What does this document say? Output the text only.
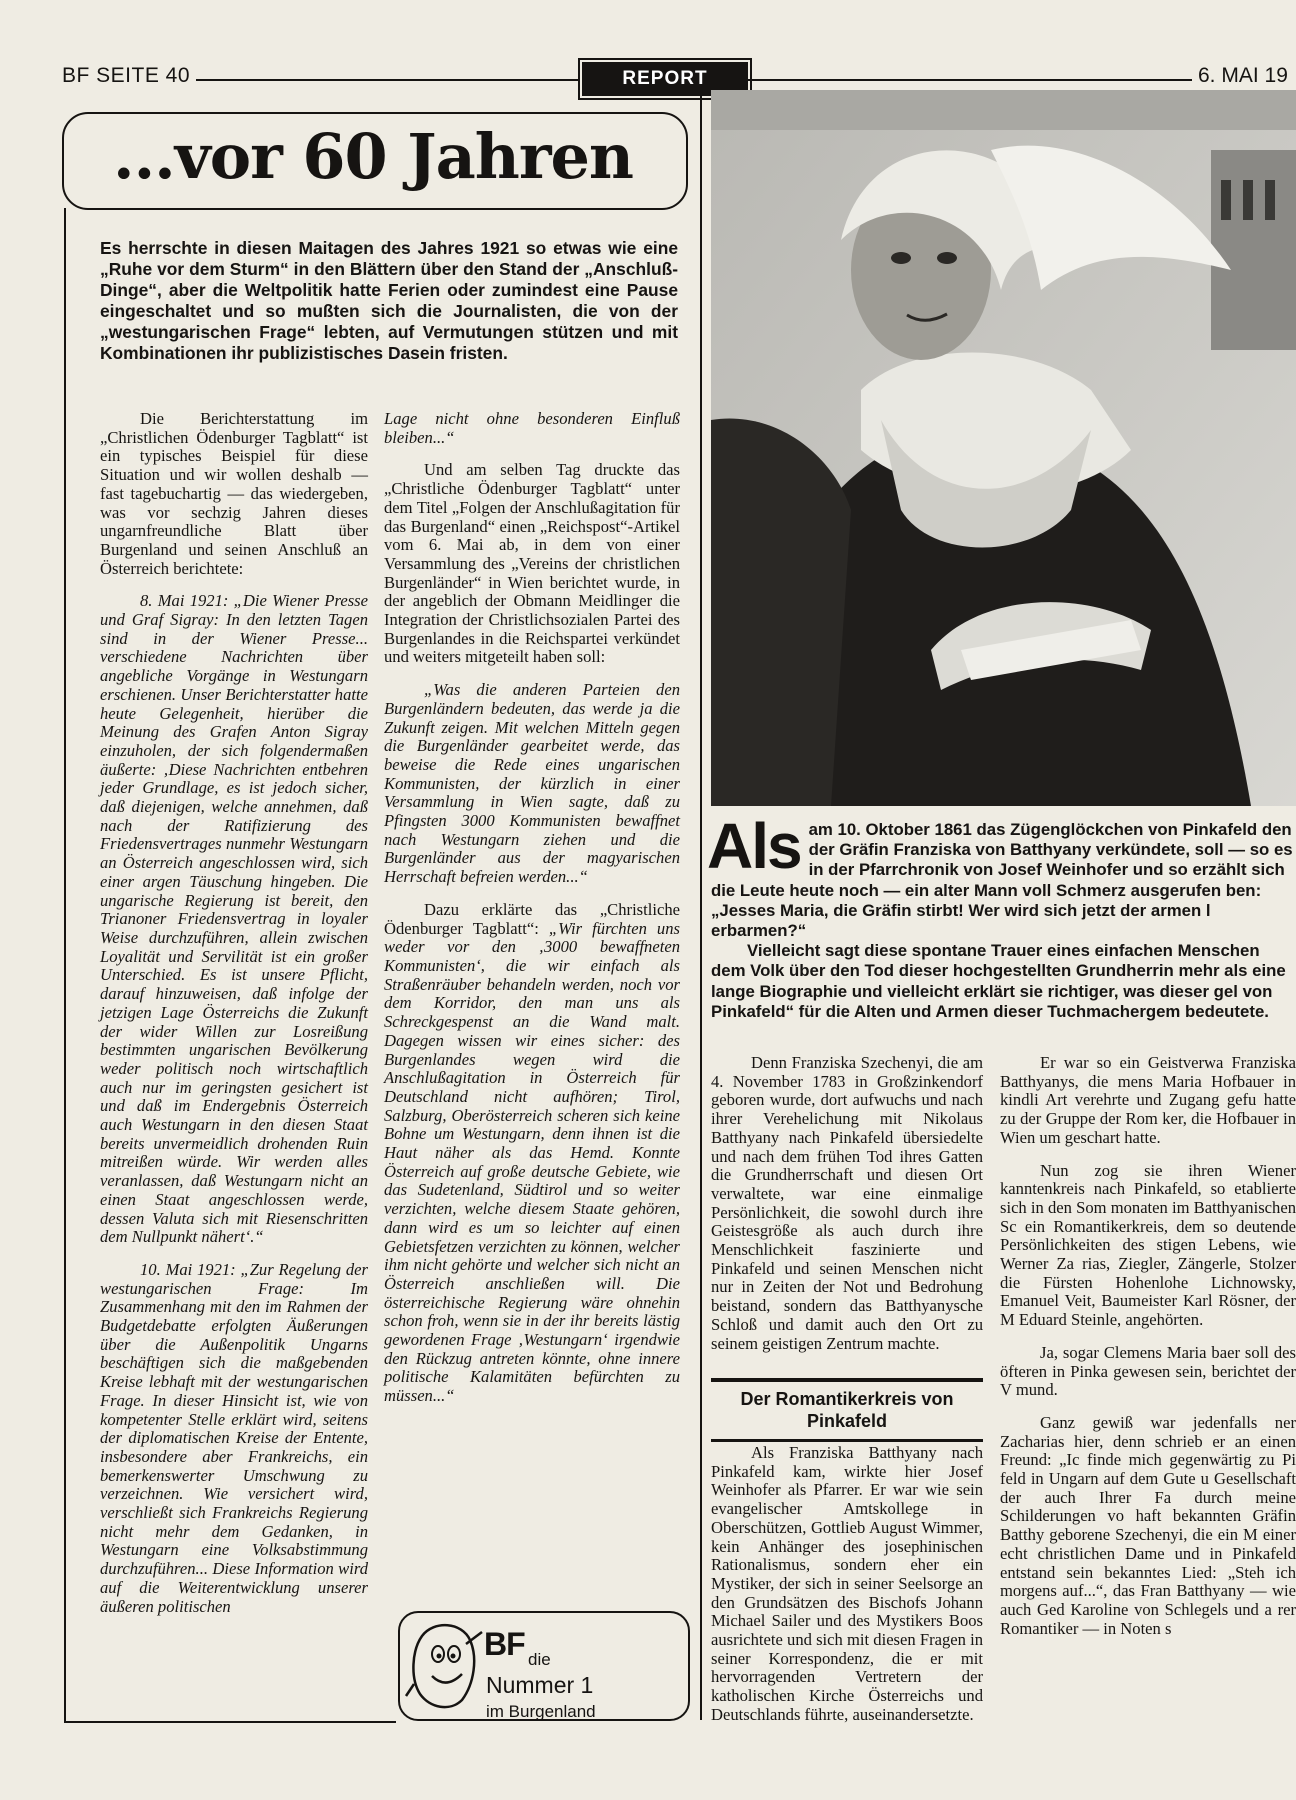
BF SEITE 40	REPORT	6. MAI 19
...vor 60 Jahren
Es herrschte in diesen Maitagen des Jahres 1921 so etwas wie eine „Ruhe vor dem Sturm“ in den Blättern über den Stand der „Anschluß-Dinge“, aber die Weltpolitik hatte Ferien oder zumindest eine Pause eingeschaltet und so mußten sich die Journalisten, die von der „westungarischen Frage“ lebten, auf Vermutungen stützen und mit Kombinationen ihr publizistisches Dasein fristen.

Die Berichterstattung im „Christlichen Ödenburger Tagblatt“ ist ein typisches Beispiel für diese Situation und wir wollen deshalb — fast tagebuchartig — das wiedergeben, was vor sechzig Jahren dieses ungarnfreundliche Blatt über Burgenland und seinen Anschluß an Österreich berichtete:

8. Mai 1921: „Die Wiener Presse und Graf Sigray: In den letzten Tagen sind in der Wiener Presse... verschiedene Nachrichten über angebliche Vorgänge in Westungarn erschienen. Unser Berichterstatter hatte heute Gelegenheit, hierüber die Meinung des Grafen Anton Sigray einzuholen, der sich folgendermaßen äußerte: ‚Diese Nachrichten entbehren jeder Grundlage, es ist jedoch sicher, daß diejenigen, welche annehmen, daß nach der Ratifizierung des Friedensvertrages nunmehr Westungarn an Österreich angeschlossen wird, sich einer argen Täuschung hingeben. Die ungarische Regierung ist bereit, den Trianoner Friedensvertrag in loyaler Weise durchzuführen, allein zwischen Loyalität und Servilität ist ein großer Unterschied. Es ist unsere Pflicht, darauf hinzuweisen, daß infolge der jetzigen Lage Österreichs die Zukunft der wider Willen zur Losreißung bestimmten ungarischen Bevölkerung weder politisch noch wirtschaftlich auch nur im geringsten gesichert ist und daß im Endergebnis Österreich auch Westungarn in den diesen Staat bereits unvermeidlich drohenden Ruin mitreißen würde. Wir werden alles veranlassen, daß Westungarn nicht an einen Staat angeschlossen werde, dessen Valuta sich mit Riesenschritten dem Nullpunkt nähert‘.“

10. Mai 1921: „Zur Regelung der westungarischen Frage: Im Zusammenhang mit den im Rahmen der Budgetdebatte erfolgten Äußerungen über die Außenpolitik Ungarns beschäftigen sich die maßgebenden Kreise lebhaft mit der westungarischen Frage. In dieser Hinsicht ist, wie von kompetenter Stelle erklärt wird, seitens der diplomatischen Kreise der Entente, insbesondere aber Frankreichs, ein bemerkenswerter Umschwung zu verzeichnen. Wie versichert wird, verschließt sich Frankreichs Regierung nicht mehr dem Gedanken, in Westungarn eine Volksabstimmung durchzuführen... Diese Information wird auf die Weiterentwicklung unserer äußeren politischen

Lage nicht ohne besonderen Einfluß bleiben...“

Und am selben Tag druckte das „Christliche Ödenburger Tagblatt“ unter dem Titel „Folgen der Anschlußagitation für das Burgenland“ einen „Reichspost“-Artikel vom 6. Mai ab, in dem von einer Versammlung des „Vereins der christlichen Burgenländer“ in Wien berichtet wurde, in der angeblich der Obmann Meidlinger die Integration der Christlichsozialen Partei des Burgenlandes in die Reichspartei verkündet und weiters mitgeteilt haben soll:

„Was die anderen Parteien den Burgenländern bedeuten, das werde ja die Zukunft zeigen. Mit welchen Mitteln gegen die Burgenländer gearbeitet werde, das beweise die Rede eines ungarischen Kommunisten, der kürzlich in einer Versammlung in Wien sagte, daß zu Pfingsten 3000 Kommunisten bewaffnet nach Westungarn ziehen und die Burgenländer aus der magyarischen Herrschaft befreien werden...“

Dazu erklärte das „Christliche Ödenburger Tagblatt“: „Wir fürchten uns weder vor den ‚3000 bewaffneten Kommunisten‘, die wir einfach als Straßenräuber behandeln werden, noch vor dem Korridor, den man uns als Schreckgespenst an die Wand malt. Dagegen wissen wir eines sicher: des Burgenlandes wegen wird die Anschlußagitation in Österreich für Deutschland nicht aufhören; Tirol, Salzburg, Oberösterreich scheren sich keine Bohne um Westungarn, denn ihnen ist die Haut näher als das Hemd. Konnte Österreich auf große deutsche Gebiete, wie das Sudetenland, Südtirol und so weiter verzichten, welche diesem Staate gehören, dann wird es um so leichter auf einen Gebietsfetzen verzichten zu können, welcher ihm nicht gehörte und welcher sich nicht an Österreich anschließen will. Die österreichische Regierung wäre ohnehin schon froh, wenn sie in der ihr bereits lästig gewordenen Frage ‚Westungarn‘ irgendwie den Rückzug antreten könnte, ohne innere politische Kalamitäten befürchten zu müssen...“

BF die
Nummer 1
im Burgenland

Als am 10. Oktober 1861 das Zügenglöckchen von Pinkafeld den der Gräfin Franziska von Batthyany verkündete, soll — so es in der Pfarrchronik von Josef Weinhofer und so erzählt sich die Leute heute noch — ein alter Mann voll Schmerz ausgerufen ben: „Jesses Maria, die Gräfin stirbt! Wer wird sich jetzt der armen l erbarmen?“

Vielleicht sagt diese spontane Trauer eines einfachen Menschen dem Volk über den Tod dieser hochgestellten Grundherrin mehr als eine lange Biographie und vielleicht erklärt sie richtiger, was dieser gel von Pinkafeld“ für die Alten und Armen dieser Tuchmachergem bedeutete.

Denn Franziska Szechenyi, die am 4. November 1783 in Großzinkendorf geboren wurde, dort aufwuchs und nach ihrer Verehelichung mit Nikolaus Batthyany nach Pinkafeld übersiedelte und nach dem frühen Tod ihres Gatten die Grundherrschaft und diesen Ort verwaltete, war eine einmalige Persönlichkeit, die sowohl durch ihre Geistesgröße als auch durch ihre Menschlichkeit faszinierte und Pinkafeld und seinen Menschen nicht nur in Zeiten der Not und Bedrohung beistand, sondern das Batthyanysche Schloß und damit auch den Ort zu seinem geistigen Zentrum machte.

Der Romantikerkreis von Pinkafeld

Als Franziska Batthyany nach Pinkafeld kam, wirkte hier Josef Weinhofer als Pfarrer. Er war wie sein evangelischer Amtskollege in Oberschützen, Gottlieb August Wimmer, kein Anhänger des josephinischen Rationalismus, sondern eher ein Mystiker, der sich in seiner Seelsorge an den Grundsätzen des Bischofs Johann Michael Sailer und des Mystikers Boos ausrichtete und sich mit diesen Fragen in seiner Korrespondenz, die er mit hervorragenden Vertretern der katholischen Kirche Österreichs und Deutschlands führte, auseinandersetzte.

Er war so ein Geistverwa Franziska Batthyanys, die mens Maria Hofbauer in kindli Art verehrte und Zugang gefu hatte zu der Gruppe der Rom ker, die Hofbauer in Wien um geschart hatte.

Nun zog sie ihren Wiener kanntenkreis nach Pinkafeld, so etablierte sich in den Som monaten im Batthyanischen Sc ein Romantikerkreis, dem so deutende Persönlichkeiten des stigen Lebens, wie Werner Za rias, Ziegler, Zängerle, Stolzer die Fürsten Hohenlohe Lichnowsky, Emanuel Veit, Baumeister Karl Rösner, der M Eduard Steinle, angehörten.

Ja, sogar Clemens Maria baer soll des öfteren in Pinka gewesen sein, berichtet der V mund.

Ganz gewiß war jedenfalls ner Zacharias hier, denn schrieb er an einen Freund: „Ic finde mich gegenwärtig zu Pi feld in Ungarn auf dem Gute u Gesellschaft der auch Ihrer Fa durch meine Schilderungen vo haft bekannten Gräfin Batthy geborene Szechenyi, die ein M einer echt christlichen Dame und in Pinkafeld entstand sein bekanntes Lied: „Steh ich morgens auf...“, das Fran Batthyany — wie auch Ged Karoline von Schlegels und a rer Romantiker — in Noten s
